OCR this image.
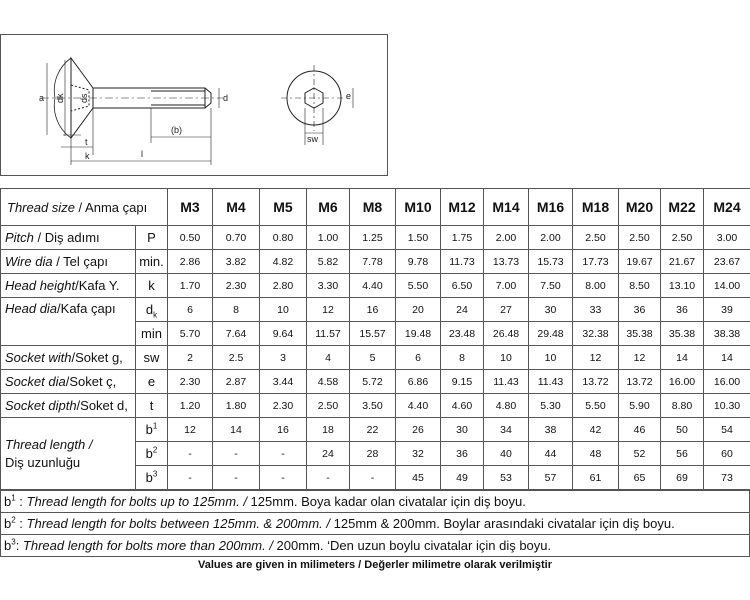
a dk ds	d
(b)
t
k	l
e
sw
Thread size / Anma çapı		M3	M4	M5	M6	M8	M10	M12	M14	M16	M18	M20	M22	M24
Pitch / Diş adımı	P	0.50	0.70	0.80	1.00	1.25	1.50	1.75	2.00	2.00	2.50	2.50	2.50	3.00
Wire dia / Tel çapı	min.	2.86	3.82	4.82	5.82	7.78	9.78	11.73	13.73	15.73	17.73	19.67	21.67	23.67
Head height/Kafa Y.	k	1.70	2.30	2.80	3.30	4.40	5.50	6.50	7.00	7.50	8.00	8.50	13.10	14.00
Head dia/Kafa çapı	$d_k$	6	8	10	12	16	20	24	27	30	33	36	36	39
	min	5.70	7.64	9.64	11.57	15.57	19.48	23.48	26.48	29.48	32.38	35.38	35.38	38.38
Socket with/Soket g,	sw	2	2.5	3	4	5	6	8	10	10	12	12	14	14
Socket dia/Soket ç,	e	2.30	2.87	3.44	4.58	5.72	6.86	9.15	11.43	11.43	13.72	13.72	16.00	16.00
Socket dipth/Soket d,	t	1.20	1.80	2.30	2.50	3.50	4.40	4.60	4.80	5.30	5.50	5.90	8.80	10.30
Thread length /
Diş uzunluğu	$b^1$	12	14	16	18	22	26	30	34	38	42	46	50	54
	$b^2$	-	-	-	24	28	32	36	40	44	48	52	56	60
	$b^3$	-	-	-	-	-	45	49	53	57	61	65	69	73
$b^1$ : Thread length for bolts up to 125mm. / 125mm. Boya kadar olan civatalar için diş boyu.
$b^2$ : Thread length for bolts between 125mm. & 200mm. / 125mm & 200mm. Boylar arasındaki civatalar için diş boyu.
$b^3$: Thread length for bolts more than 200mm. / 200mm. ‘Den uzun boylu civatalar için diş boyu.
Values are given in milimeters / Değerler milimetre olarak verilmiştir
